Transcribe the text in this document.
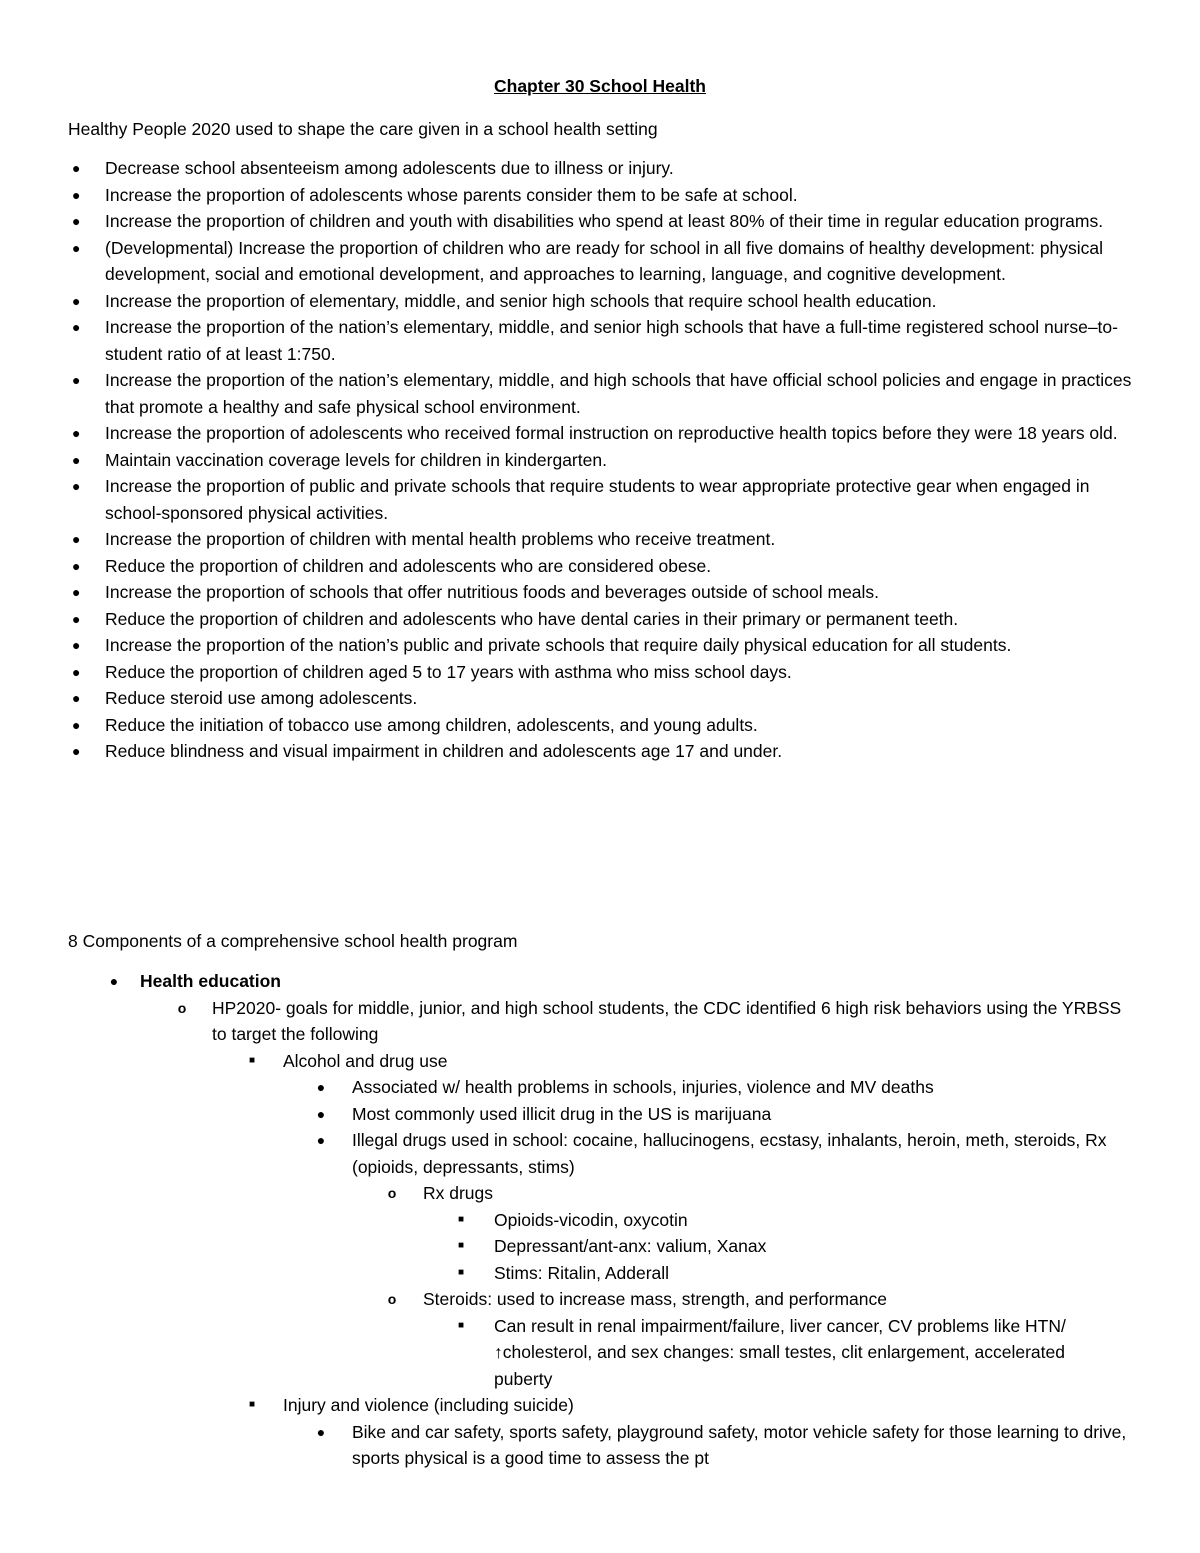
Chapter 30 School Health
Healthy People 2020 used to shape the care given in a school health setting
● Decrease school absenteeism among adolescents due to illness or injury.
● Increase the proportion of adolescents whose parents consider them to be safe at school.
● Increase the proportion of children and youth with disabilities who spend at least 80% of their time in regular education programs.
● (Developmental) Increase the proportion of children who are ready for school in all five domains of healthy development: physical development, social and emotional development, and approaches to learning, language, and cognitive development.
● Increase the proportion of elementary, middle, and senior high schools that require school health education.
● Increase the proportion of the nation’s elementary, middle, and senior high schools that have a full-time registered school nurse–to-student ratio of at least 1:750.
● Increase the proportion of the nation’s elementary, middle, and high schools that have official school policies and engage in practices that promote a healthy and safe physical school environment.
● Increase the proportion of adolescents who received formal instruction on reproductive health topics before they were 18 years old.
● Maintain vaccination coverage levels for children in kindergarten.
● Increase the proportion of public and private schools that require students to wear appropriate protective gear when engaged in school-sponsored physical activities.
● Increase the proportion of children with mental health problems who receive treatment.
● Reduce the proportion of children and adolescents who are considered obese.
● Increase the proportion of schools that offer nutritious foods and beverages outside of school meals.
● Reduce the proportion of children and adolescents who have dental caries in their primary or permanent teeth.
● Increase the proportion of the nation’s public and private schools that require daily physical education for all students.
● Reduce the proportion of children aged 5 to 17 years with asthma who miss school days.
● Reduce steroid use among adolescents.
● Reduce the initiation of tobacco use among children, adolescents, and young adults.
● Reduce blindness and visual impairment in children and adolescents age 17 and under.
8 Components of a comprehensive school health program
●	Health education
o	HP2020- goals for middle, junior, and high school students, the CDC identified 6 high risk behaviors using the YRBSS to target the following
■	Alcohol and drug use
●	Associated w/ health problems in schools, injuries, violence and MV deaths
●	Most commonly used illicit drug in the US is marijuana
●	Illegal drugs used in school: cocaine, hallucinogens, ecstasy, inhalants, heroin, meth, steroids, Rx (opioids, depressants, stims)
o	Rx drugs
■	Opioids-vicodin, oxycotin
■	Depressant/ant-anx: valium, Xanax
■	Stims: Ritalin, Adderall
o	Steroids: used to increase mass, strength, and performance
■	Can result in renal impairment/failure, liver cancer, CV problems like HTN/↑cholesterol, and sex changes: small testes, clit enlargement, accelerated puberty
■	Injury and violence (including suicide)
●	Bike and car safety, sports safety, playground safety, motor vehicle safety for those learning to drive, sports physical is a good time to assess the pt
